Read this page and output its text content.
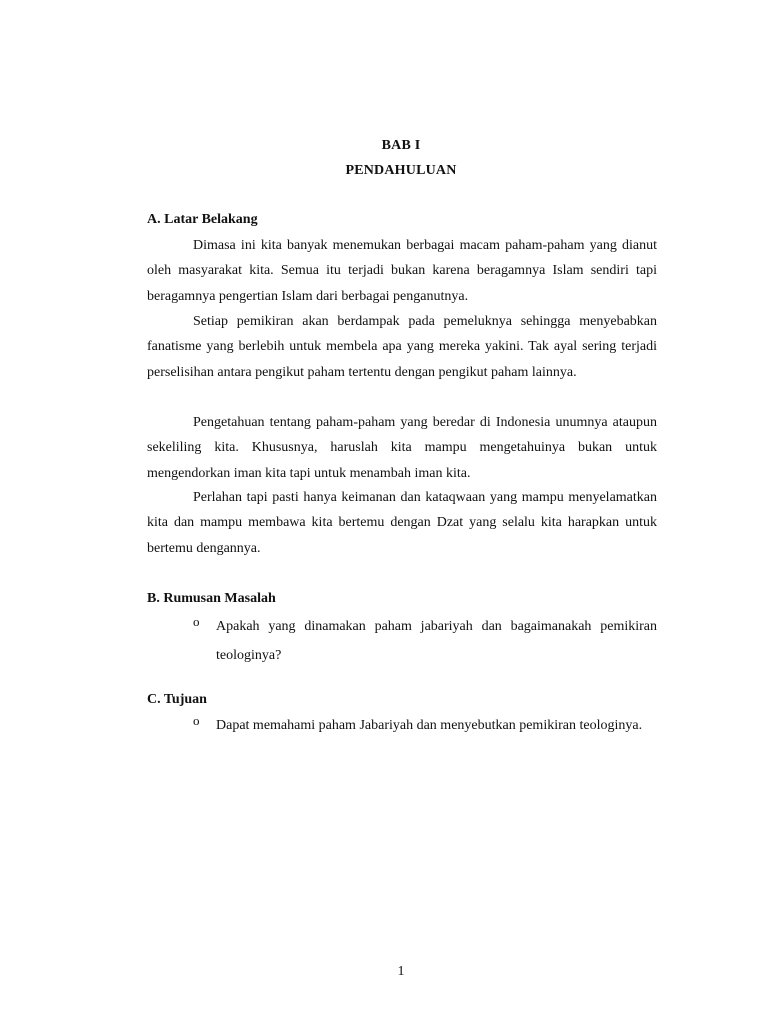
BAB I
PENDAHULUAN
A. Latar Belakang

Dimasa ini kita banyak menemukan berbagai macam paham-paham yang dianut oleh masyarakat kita. Semua itu terjadi bukan karena beragamnya Islam sendiri tapi beragamnya pengertian Islam dari berbagai penganutnya.

Setiap pemikiran akan berdampak pada pemeluknya sehingga menyebabkan fanatisme yang berlebih untuk membela apa yang mereka yakini. Tak ayal sering terjadi perselisihan antara pengikut paham tertentu dengan pengikut paham lainnya.

Pengetahuan tentang paham-paham yang beredar di Indonesia unumnya ataupun sekeliling kita. Khususnya, haruslah kita mampu mengetahuinya bukan untuk mengendorkan iman kita tapi untuk menambah iman kita.

Perlahan tapi pasti hanya keimanan dan kataqwaan yang mampu menyelamatkan kita dan mampu membawa kita bertemu dengan Dzat yang selalu kita harapkan untuk bertemu dengannya.

B. Rumusan Masalah
o Apakah yang dinamakan paham jabariyah dan bagaimanakah pemikiran teologinya?

C. Tujuan
o Dapat memahami paham Jabariyah dan menyebutkan pemikiran teologinya.

1
